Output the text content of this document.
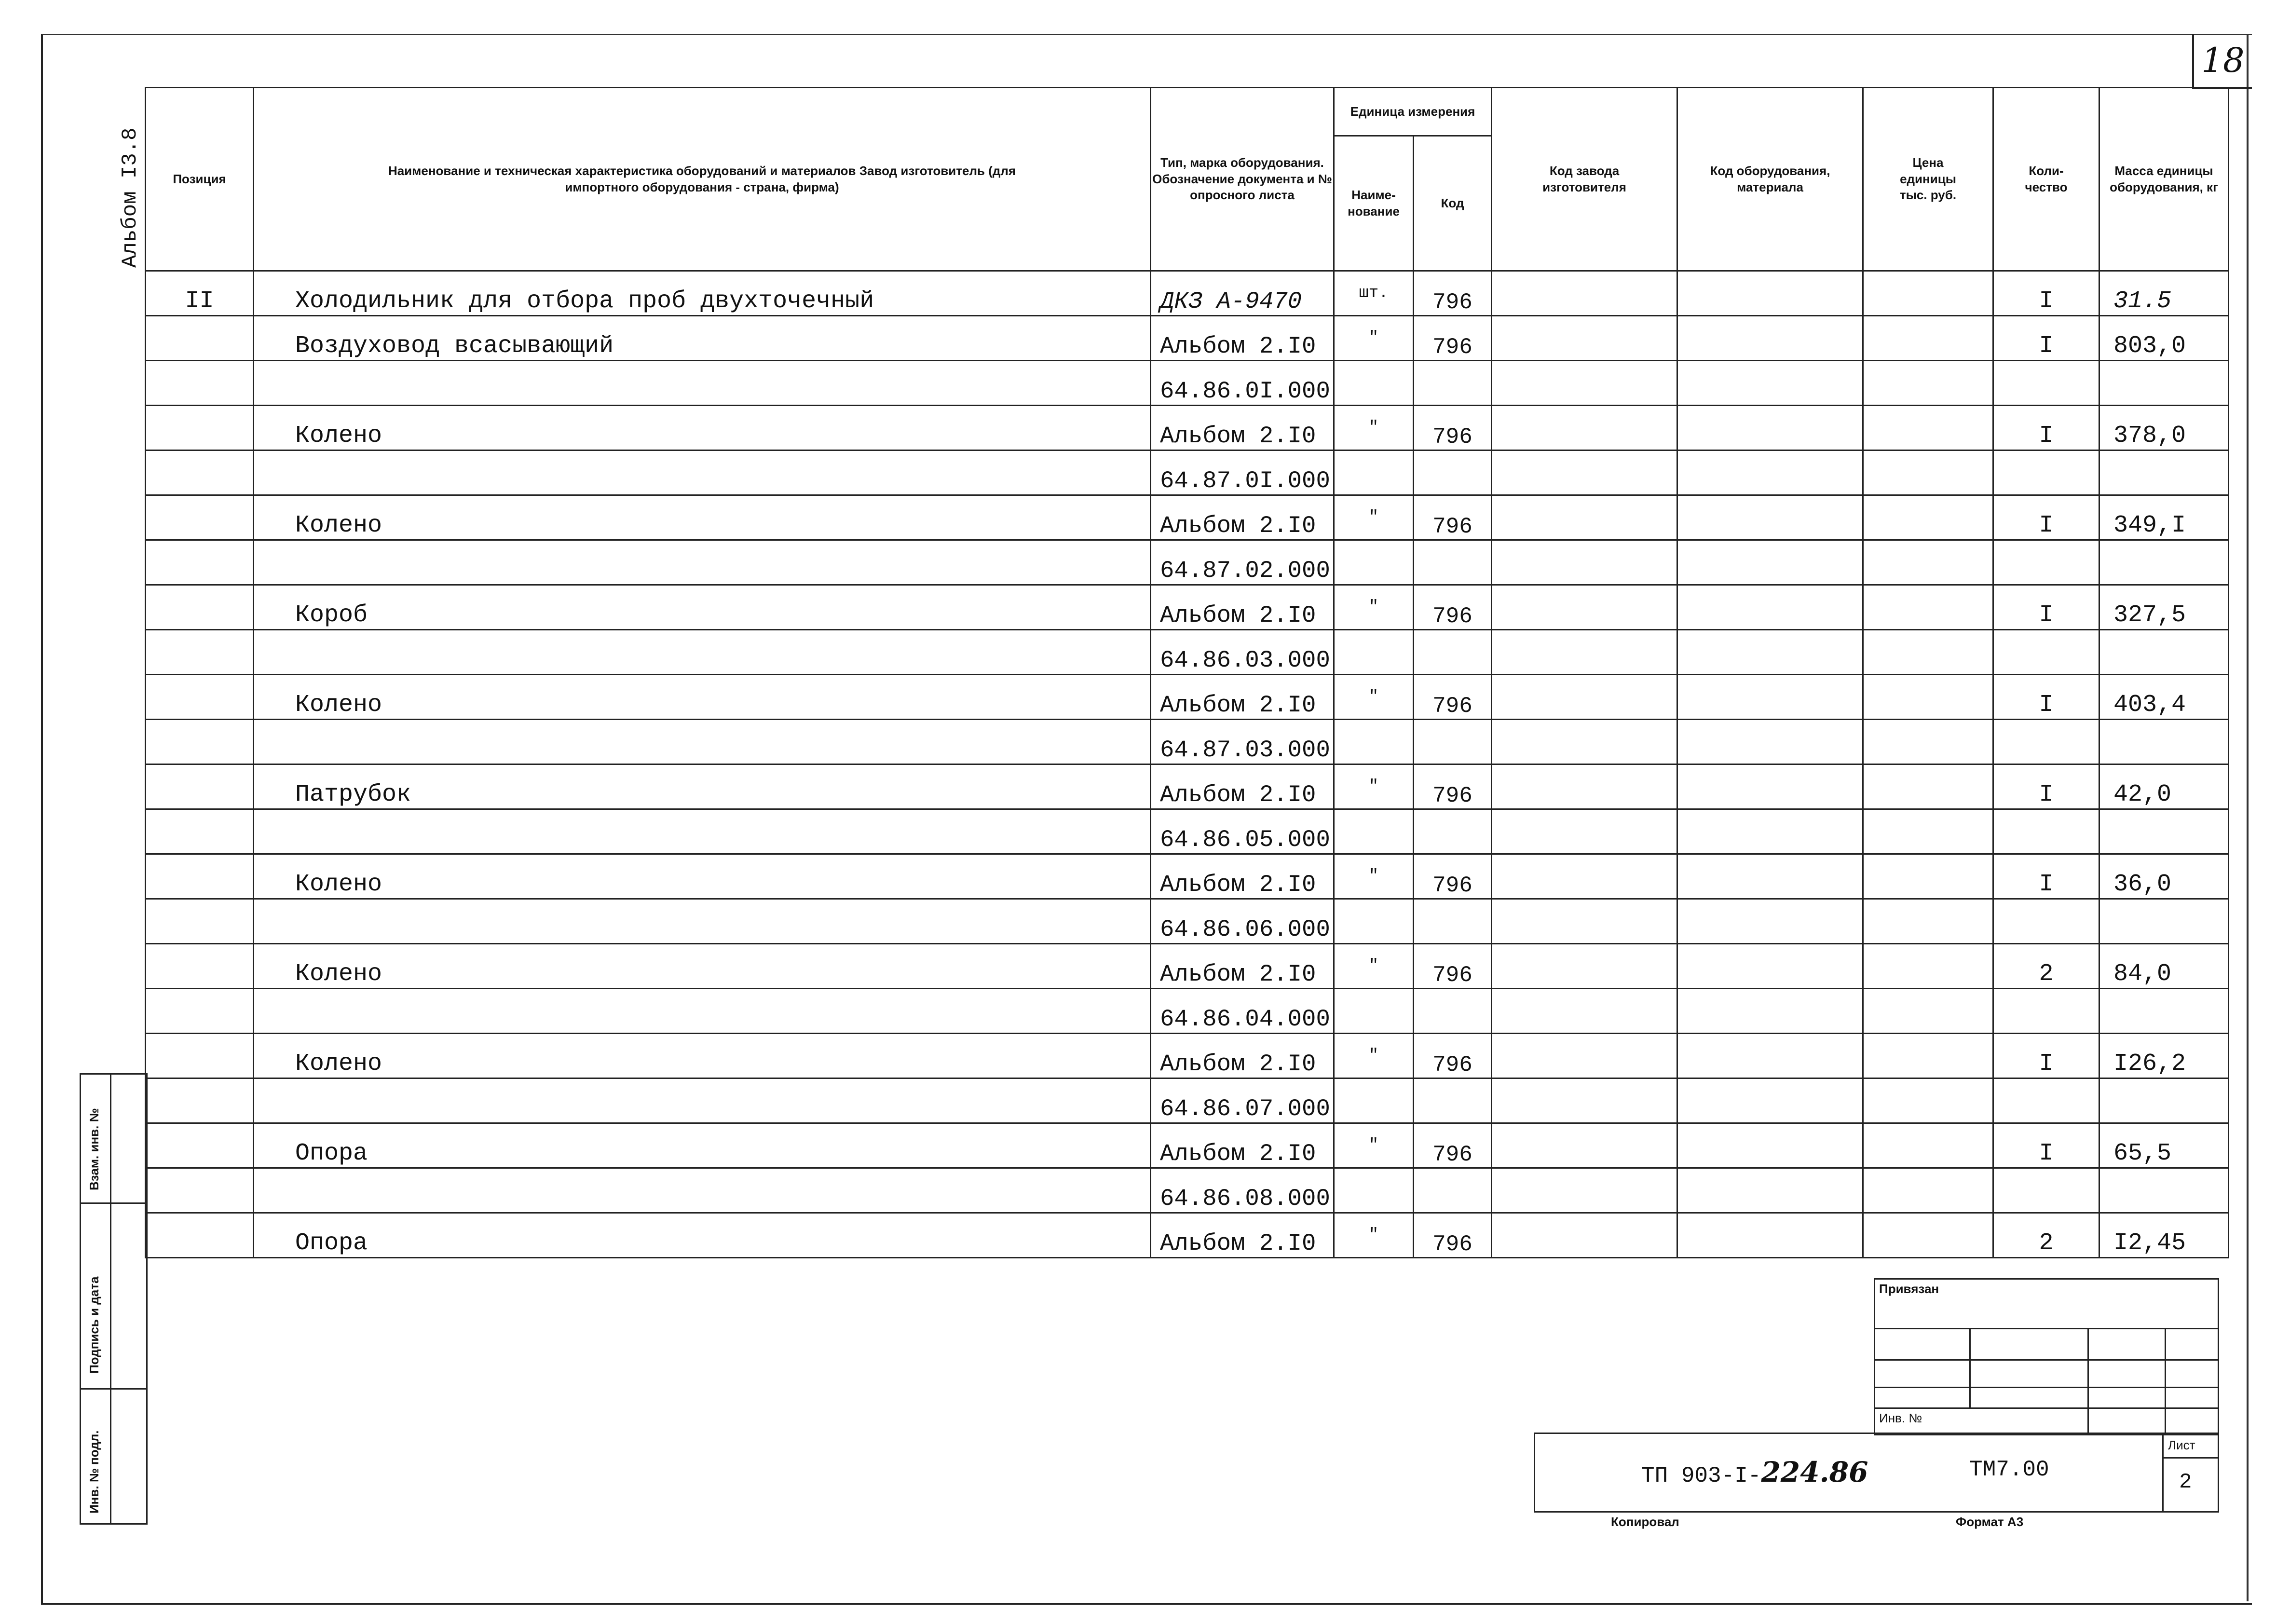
18
Альбом I3.8 Позиция	Наименование и техническая характеристика оборудований и материалов Завод изготовитель (для импортного оборудования - страна, фирма)	Тип, марка оборудования. Обозначение документа и № опросного листа	Единица измерения		Код завода изготовителя	Код оборудования, материала	Цена единицы тыс. руб.	Коли-чество	Масса единицы оборудования, кг
			Наиме-нование	Код					
II	Холодильник для отбора проб двухточечный	ДКЗ А-9470	шт.	796				I	31.5
	Воздуховод всасывающий	Альбом 2.I0	"	796				I	803,0
		64.86.0I.000							
	Колено	Альбом 2.I0	"	796				I	378,0
		64.87.0I.000							
	Колено	Альбом 2.I0	"	796				I	349,I
		64.87.02.000							
	Короб	Альбом 2.I0	"	796				I	327,5
		64.86.03.000							
	Колено	Альбом 2.I0	"	796				I	403,4
		64.87.03.000							
	Патрубок	Альбом 2.I0	"	796				I	42,0
		64.86.05.000							
	Колено	Альбом 2.I0	"	796				I	36,0
		64.86.06.000							
	Колено	Альбом 2.I0	"	796				2	84,0
		64.86.04.000							
	Колено	Альбом 2.I0	"	796				I	I26,2
		64.86.07.000							
	Опора	Альбом 2.I0	"	796				I	65,5
		64.86.08.000							
	Опора	Альбом 2.I0	"	796				2	I2,45
Взам. инв. №
Подпись и дата
Инв. № подл.
Привязан
Инв. №
ТП 903-I-224.86	ТМ7.00
Лист
2
Копировал	Формат А3
